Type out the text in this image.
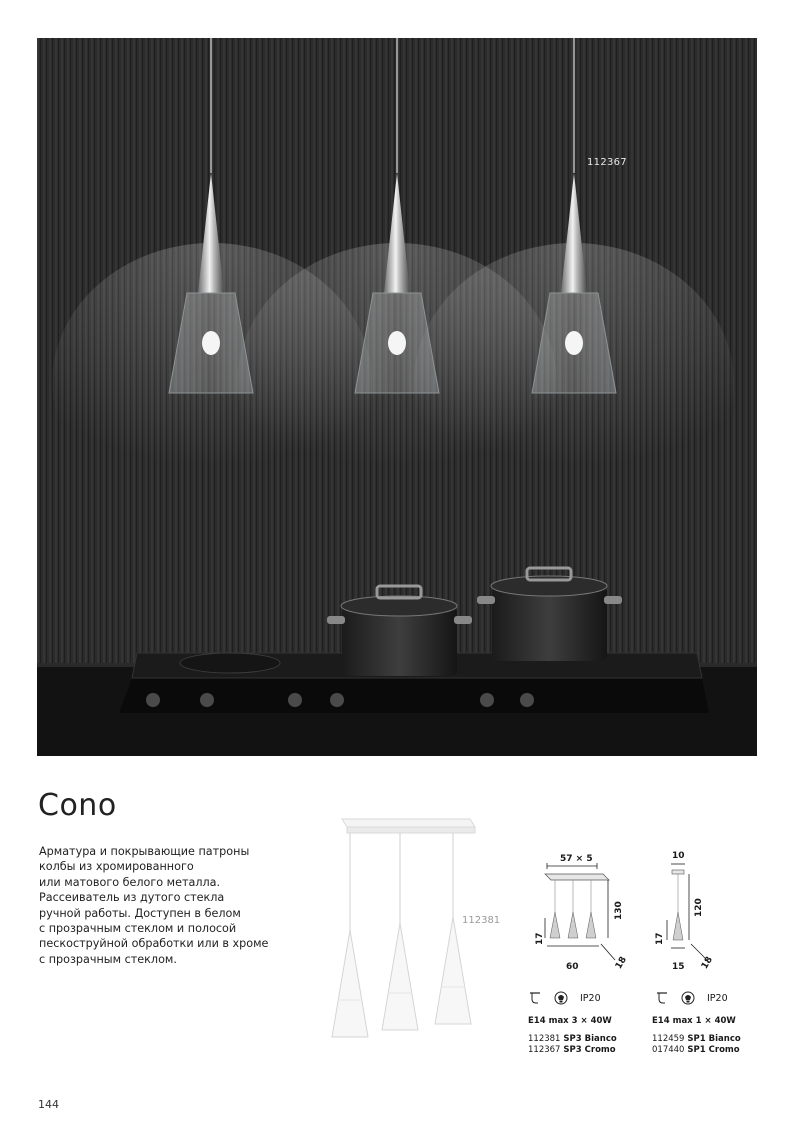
112367
Cono
Арматура и покрывающие патроны
колбы из хромированного
или матового белого металла.
Рассеиватель из дутого стекла
ручной работы. Доступен в белом
с прозрачным стеклом и полосой
пескоструйной обработки или в хроме
с прозрачным стеклом.
112381
57 × 5
130
17
60	18
IP20
E14 max 3 × 40W
112381 SP3 Bianco
112367 SP3 Cromo
10
120
17
15 18
IP20
E14 max 1 × 40W
112459 SP1 Bianco
017440 SP1 Cromo
144
